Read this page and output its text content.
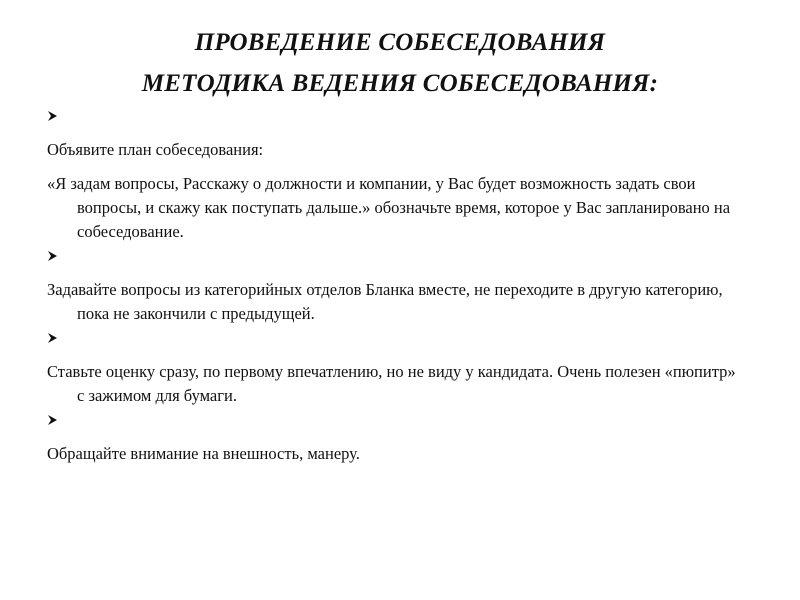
ПРОВЕДЕНИЕ СОБЕСЕДОВАНИЯ
МЕТОДИКА ВЕДЕНИЯ СОБЕСЕДОВАНИЯ:

Объявите план собеседования:

«Я задам вопросы, Расскажу о должности и компании, у Вас будет возможность задать свои вопросы, и скажу как поступать дальше.» обозначьте время, которое у Вас запланировано на собеседование.

Задавайте вопросы из категорийных отделов Бланка вместе, не переходите в другую категорию, пока не закончили с предыдущей.

Ставьте оценку сразу, по первому впечатлению, но не виду у кандидата. Очень полезен «пюпитр» с зажимом для бумаги.

Обращайте внимание на внешность, манеру.
